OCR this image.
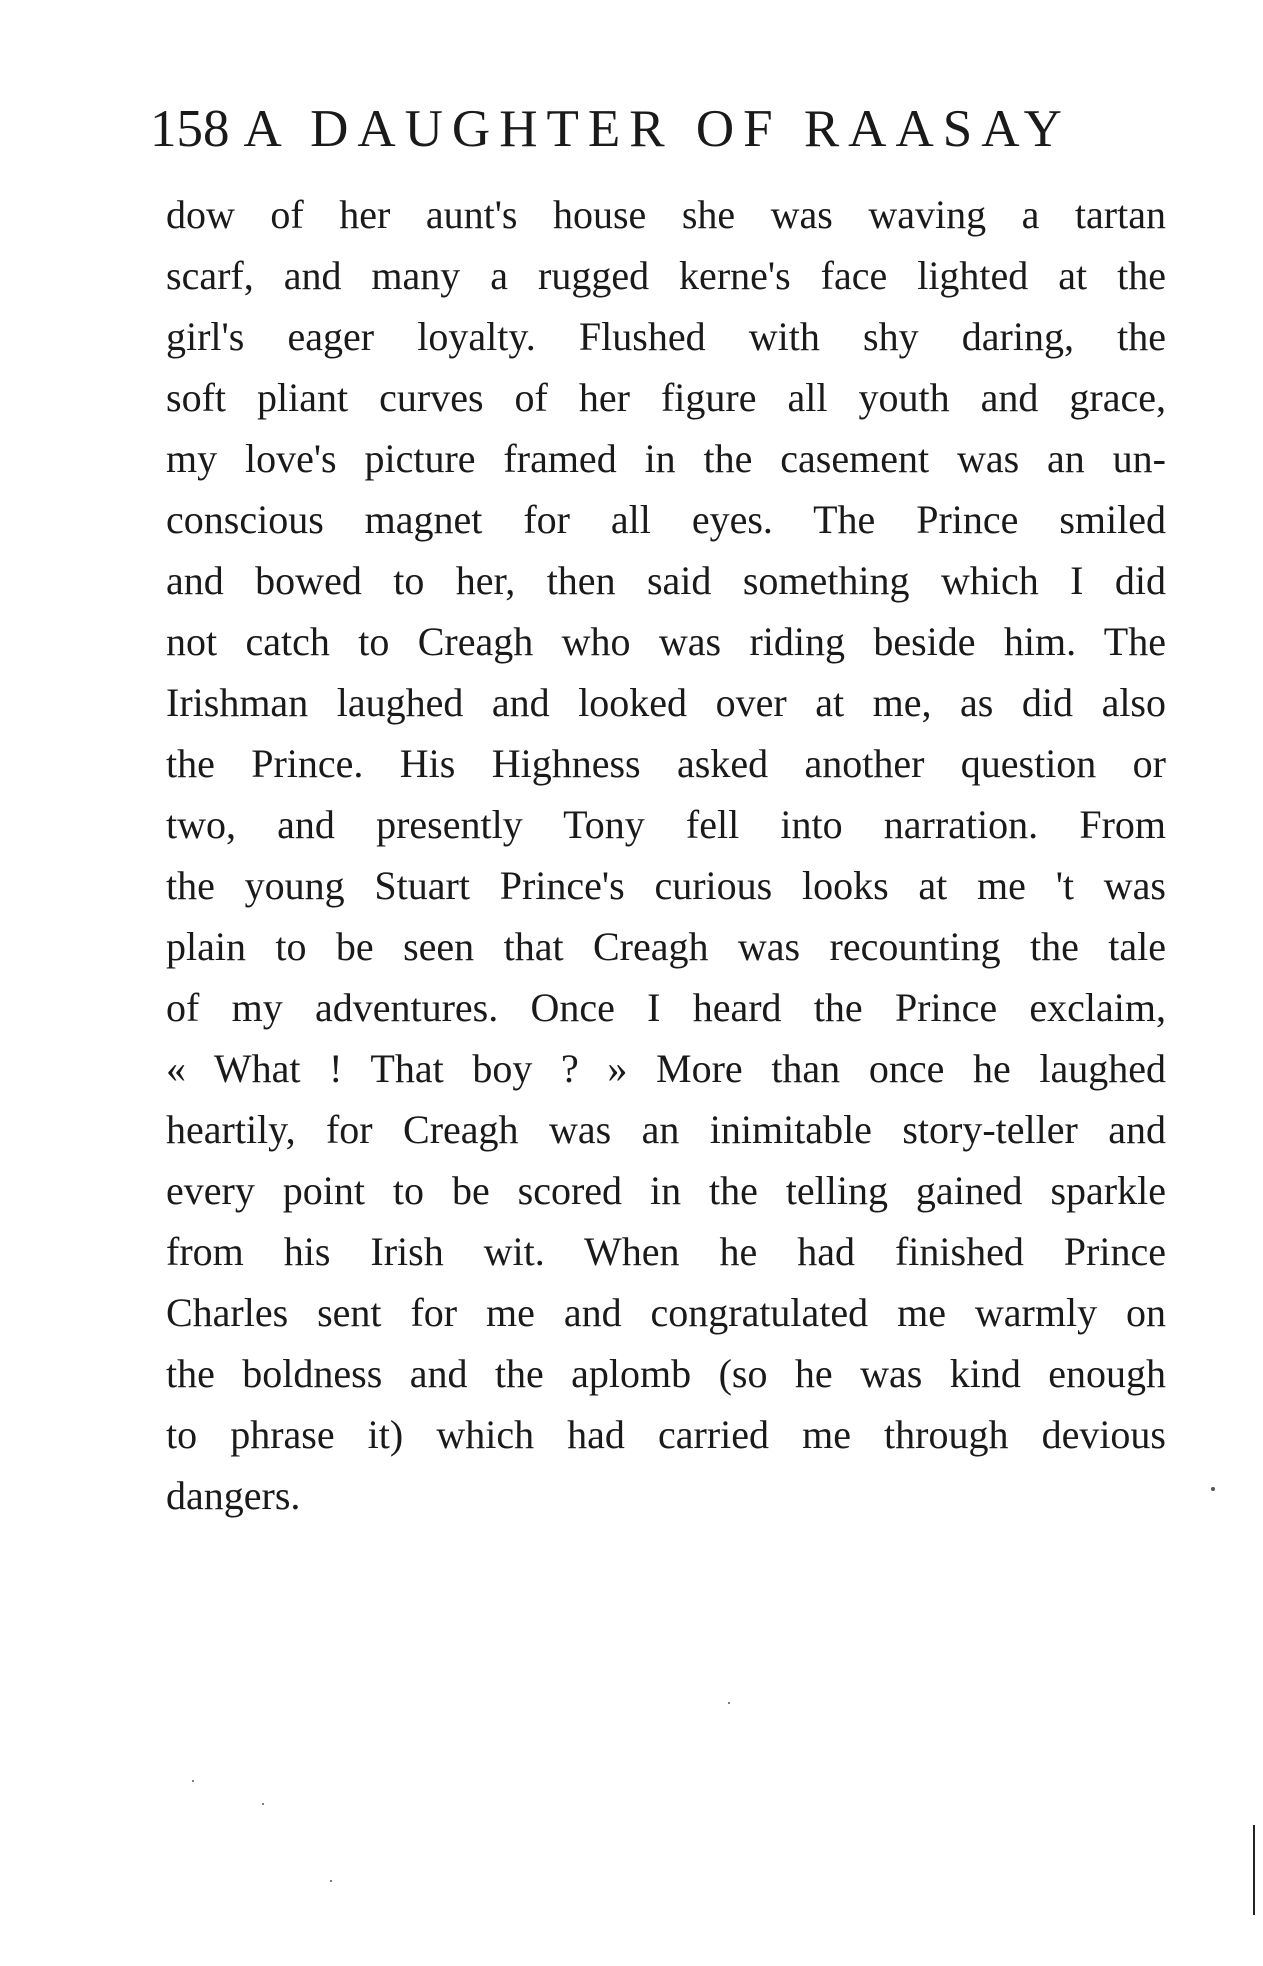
158 A DAUGHTER OF RAASAY
dow of her aunt's house she was waving a tartan
scarf, and many a rugged kerne's face lighted at the
girl's eager loyalty. Flushed with shy daring, the
soft pliant curves of her figure all youth and grace,
my love's picture framed in the casement was an un-
conscious magnet for all eyes. The Prince smiled
and bowed to her, then said something which I did
not catch to Creagh who was riding beside him. The
Irishman laughed and looked over at me, as did also
the Prince. His Highness asked another question or
two, and presently Tony fell into narration. From
the young Stuart Prince's curious looks at me 't was
plain to be seen that Creagh was recounting the tale
of my adventures. Once I heard the Prince exclaim,
« What ! That boy ? » More than once he laughed
heartily, for Creagh was an inimitable story-teller and
every point to be scored in the telling gained sparkle
from his Irish wit. When he had finished Prince
Charles sent for me and congratulated me warmly on
the boldness and the aplomb (so he was kind enough
to phrase it) which had carried me through devious
dangers.
